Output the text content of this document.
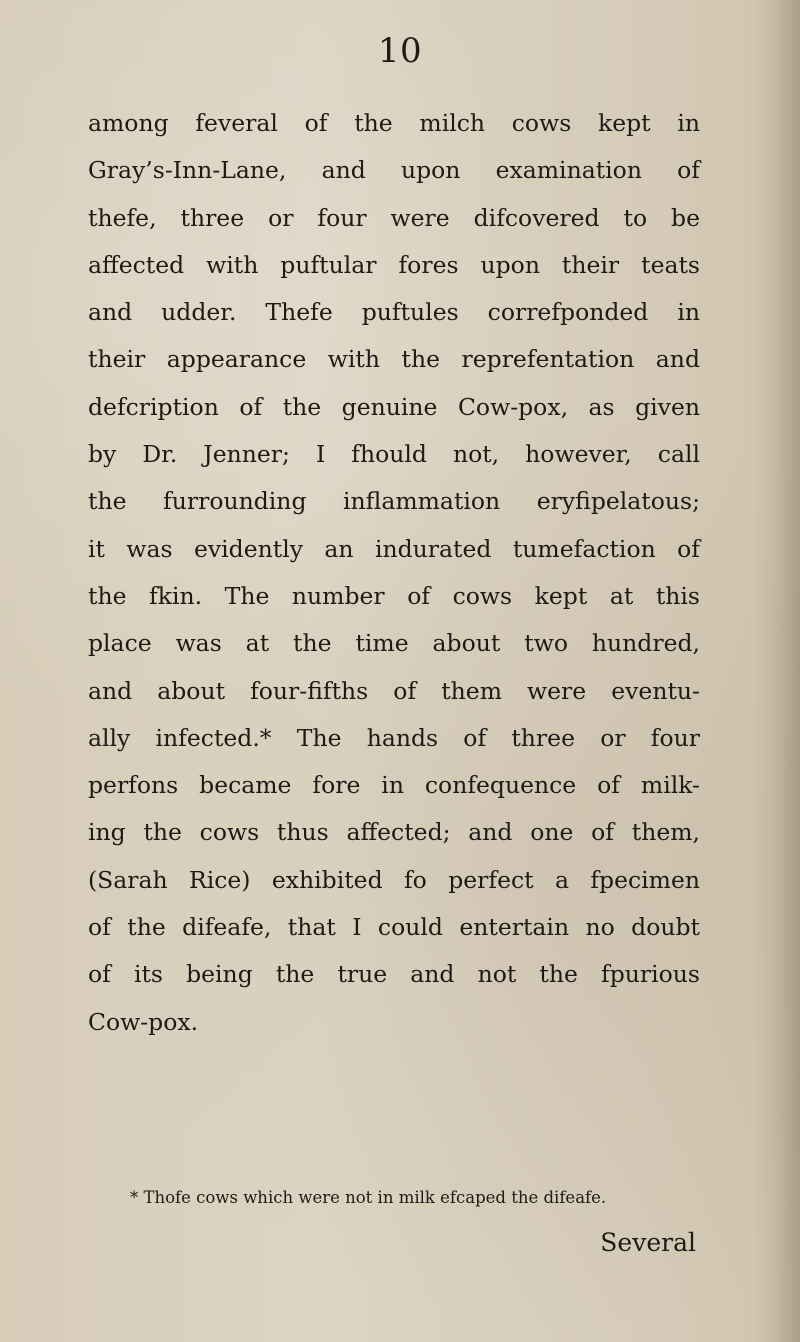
10
among feveral of the milch cows kept in
Gray’s-Inn-Lane, and upon examination of
thefe, three or four were difcovered to be
affected with puftular fores upon their teats
and udder. Thefe puftules correfponded in
their appearance with the reprefentation and
defcription of the genuine Cow-pox, as given
by Dr. Jenner; I fhould not, however, call
the furrounding inflammation eryfipelatous;
it was evidently an indurated tumefaction of
the fkin. The number of cows kept at this
place was at the time about two hundred,
and about four-fifths of them were eventu-
ally infected.* The hands of three or four
perfons became fore in confequence of milk-
ing the cows thus affected; and one of them,
(Sarah Rice) exhibited fo perfect a fpecimen
of the difeafe, that I could entertain no doubt
of its being the true and not the fpurious
Cow-pox.
* Thofe cows which were not in milk efcaped the difeafe.
Several
